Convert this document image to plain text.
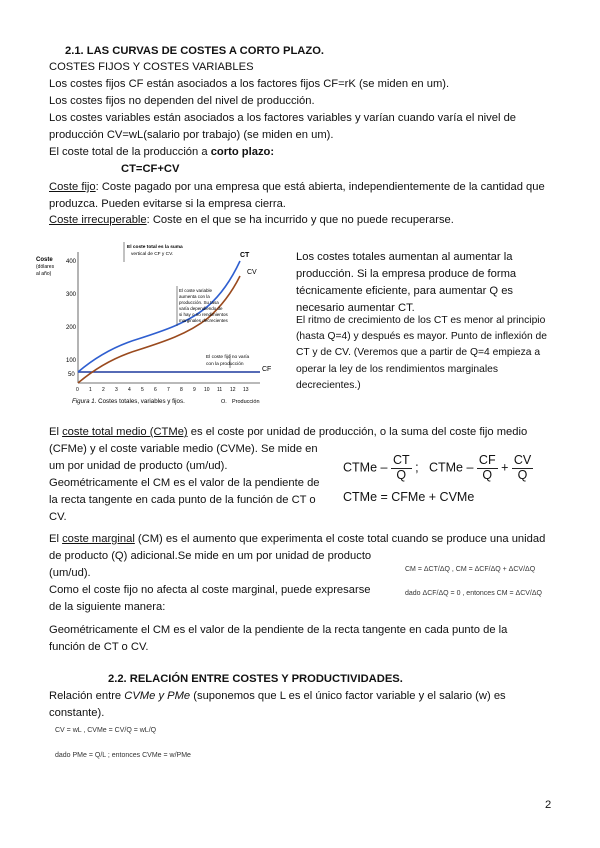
2.1. LAS CURVAS DE COSTES A CORTO PLAZO.
COSTES FIJOS Y COSTES VARIABLES
Los costes fijos CF están asociados a los factores fijos CF=rK (se miden en um).
Los costes fijos no dependen del nivel de producción.
Los costes variables están asociados a los factores variables y varían cuando varía el nivel de
producción CV=wL(salario por trabajo) (se miden en um).
El coste total de la producción a corto plazo:
CT=CF+CV
Coste fijo: Coste pagado por una empresa que está abierta, independientemente de la cantidad que
produzca. Pueden evitarse si la empresa cierra.
Coste irrecuperable: Coste en el que se ha incurrido y que no puede recuperarse.
Coste
(dólares
al año)
400
300
200
100
50
0 1 2 3 4 5 6 7 8 9 10 11 12 13
CT
CV
CF
El coste total es la suma
vertical de CF y CV.
El coste variable
aumenta con la
producción. Su tasa
varía dependiendo de
si hay o no rendimientos
marginales decrecientes
El coste fijo no varía
con la producción
Figura 1. Costes totales, variables y fijos.	O. Producción
Los costes totales aumentan al aumentar la
producción. Si la empresa produce de forma
técnicamente eficiente, para aumentar Q es
necesario aumentar CT.
El ritmo de crecimiento de los CT es menor al principio
(hasta Q=4) y después es mayor. Punto de inflexión de
CT y de CV. (Veremos que a partir de Q=4 empieza a
operar la ley de los rendimientos marginales
decrecientes.)
El coste total medio (CTMe) es el coste por unidad de producción, o la suma del coste fijo medio
(CFMe) y el coste variable medio (CVMe). Se mide en
um por unidad de producto (um/ud).
Geométricamente el CM es el valor de la pendiente de
la recta tangente en cada punto de la función de CT o
CV.
CTMe – $\frac{CT}{Q}$ ;   CTMe – $\frac{CF}{Q} + \frac{CV}{Q}$
CTMe = CFMe + CVMe
El coste marginal (CM) es el aumento que experimenta el coste total cuando se produce una unidad
de producto (Q) adicional.Se mide en um por unidad de producto
(um/ud).
Como el coste fijo no afecta al coste marginal, puede expresarse
de la siguiente manera:
CM = ΔCT/ΔQ , CM = ΔCF/ΔQ + ΔCV/ΔQ
dado ΔCF/ΔQ = 0 , entonces CM = ΔCV/ΔQ
Geométricamente el CM es el valor de la pendiente de la recta tangente en cada punto de la
función de CT o CV.
2.2. RELACIÓN ENTRE COSTES Y PRODUCTIVIDADES.
Relación entre CVMe y PMe (suponemos que L es el único factor variable y el salario (w) es
constante).
CV = wL , CVMe = CV/Q = wL/Q
dado PMe = Q/L ; entonces CVMe = w/PMe
2
